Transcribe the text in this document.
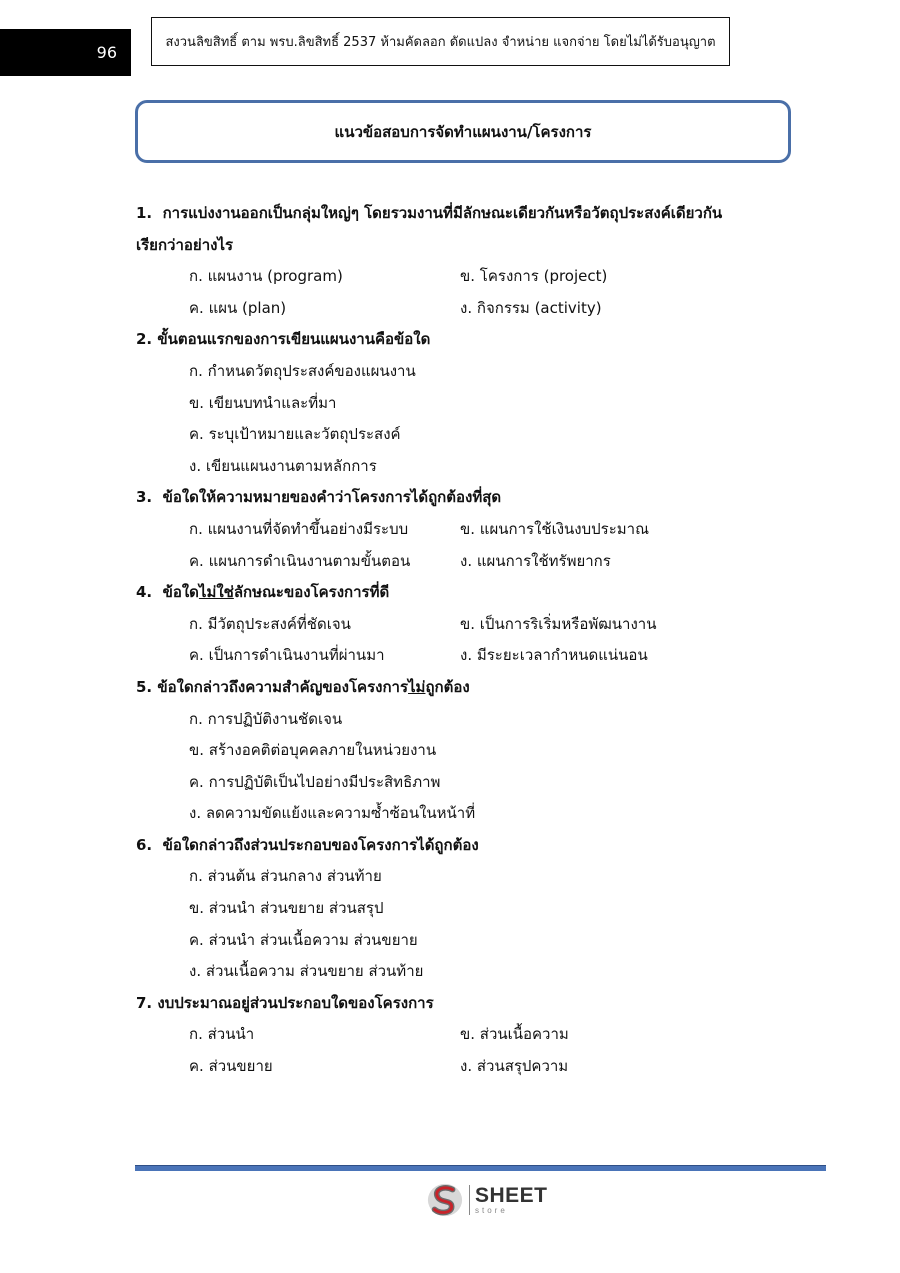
96
สงวนลิขสิทธิ์ ตาม พรบ.ลิขสิทธิ์ 2537 ห้ามคัดลอก ดัดแปลง จำหน่าย แจกจ่าย โดยไม่ได้รับอนุญาต
แนวข้อสอบการจัดทำแผนงาน/โครงการ
1. การแบ่งงานออกเป็นกลุ่มใหญ่ๆ โดยรวมงานที่มีลักษณะเดียวกันหรือวัตถุประสงค์เดียวกัน
เรียกว่าอย่างไร
ก. แผนงาน (program)	ข. โครงการ (project)
ค. แผน (plan)	ง. กิจกรรม (activity)
2. ขั้นตอนแรกของการเขียนแผนงานคือข้อใด
ก. กำหนดวัตถุประสงค์ของแผนงาน
ข. เขียนบทนำและที่มา
ค. ระบุเป้าหมายและวัตถุประสงค์
ง. เขียนแผนงานตามหลักการ
3. ข้อใดให้ความหมายของคำว่าโครงการได้ถูกต้องที่สุด
ก. แผนงานที่จัดทำขึ้นอย่างมีระบบ	ข. แผนการใช้เงินงบประมาณ
ค. แผนการดำเนินงานตามขั้นตอน	ง. แผนการใช้ทรัพยากร
4. ข้อใดไม่ใช่ลักษณะของโครงการที่ดี
ก. มีวัตถุประสงค์ที่ชัดเจน	ข. เป็นการริเริ่มหรือพัฒนางาน
ค. เป็นการดำเนินงานที่ผ่านมา	ง. มีระยะเวลากำหนดแน่นอน
5. ข้อใดกล่าวถึงความสำคัญของโครงการไม่ถูกต้อง
ก. การปฏิบัติงานชัดเจน
ข. สร้างอคติต่อบุคคลภายในหน่วยงาน
ค. การปฏิบัติเป็นไปอย่างมีประสิทธิภาพ
ง. ลดความขัดแย้งและความซ้ำซ้อนในหน้าที่
6. ข้อใดกล่าวถึงส่วนประกอบของโครงการได้ถูกต้อง
ก. ส่วนต้น ส่วนกลาง ส่วนท้าย
ข. ส่วนนำ ส่วนขยาย ส่วนสรุป
ค. ส่วนนำ ส่วนเนื้อความ ส่วนขยาย
ง. ส่วนเนื้อความ ส่วนขยาย ส่วนท้าย
7. งบประมาณอยู่ส่วนประกอบใดของโครงการ
ก. ส่วนนำ	ข. ส่วนเนื้อความ
ค. ส่วนขยาย	ง. ส่วนสรุปความ
SHEET
store
